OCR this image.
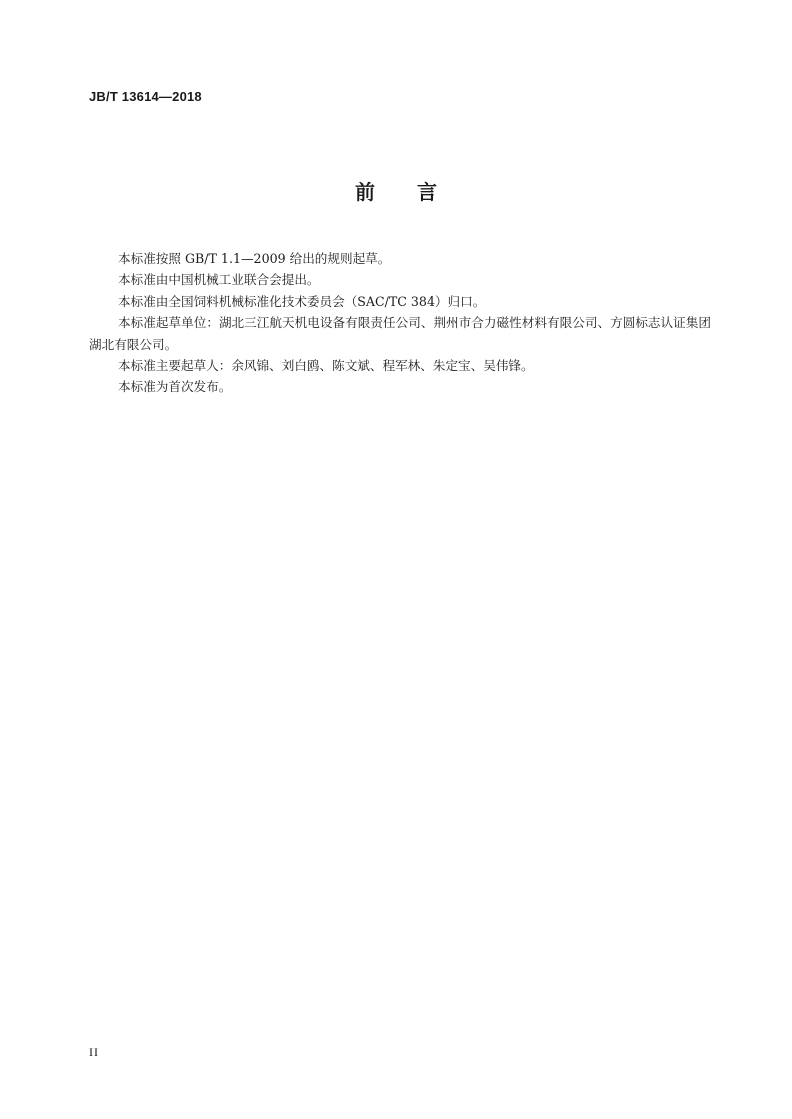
JB/T 13614—2018
前 言

本标准按照 GB/T 1.1—2009 给出的规则起草。

本标准由中国机械工业联合会提出。

本标准由全国饲料机械标准化技术委员会（SAC/TC 384）归口。

本标准起草单位：湖北三江航天机电设备有限责任公司、荆州市合力磁性材料有限公司、方圆标志认证集团湖北有限公司。

本标准主要起草人：余风锦、刘白鸥、陈文斌、程军林、朱定宝、吴伟锋。

本标准为首次发布。

II
